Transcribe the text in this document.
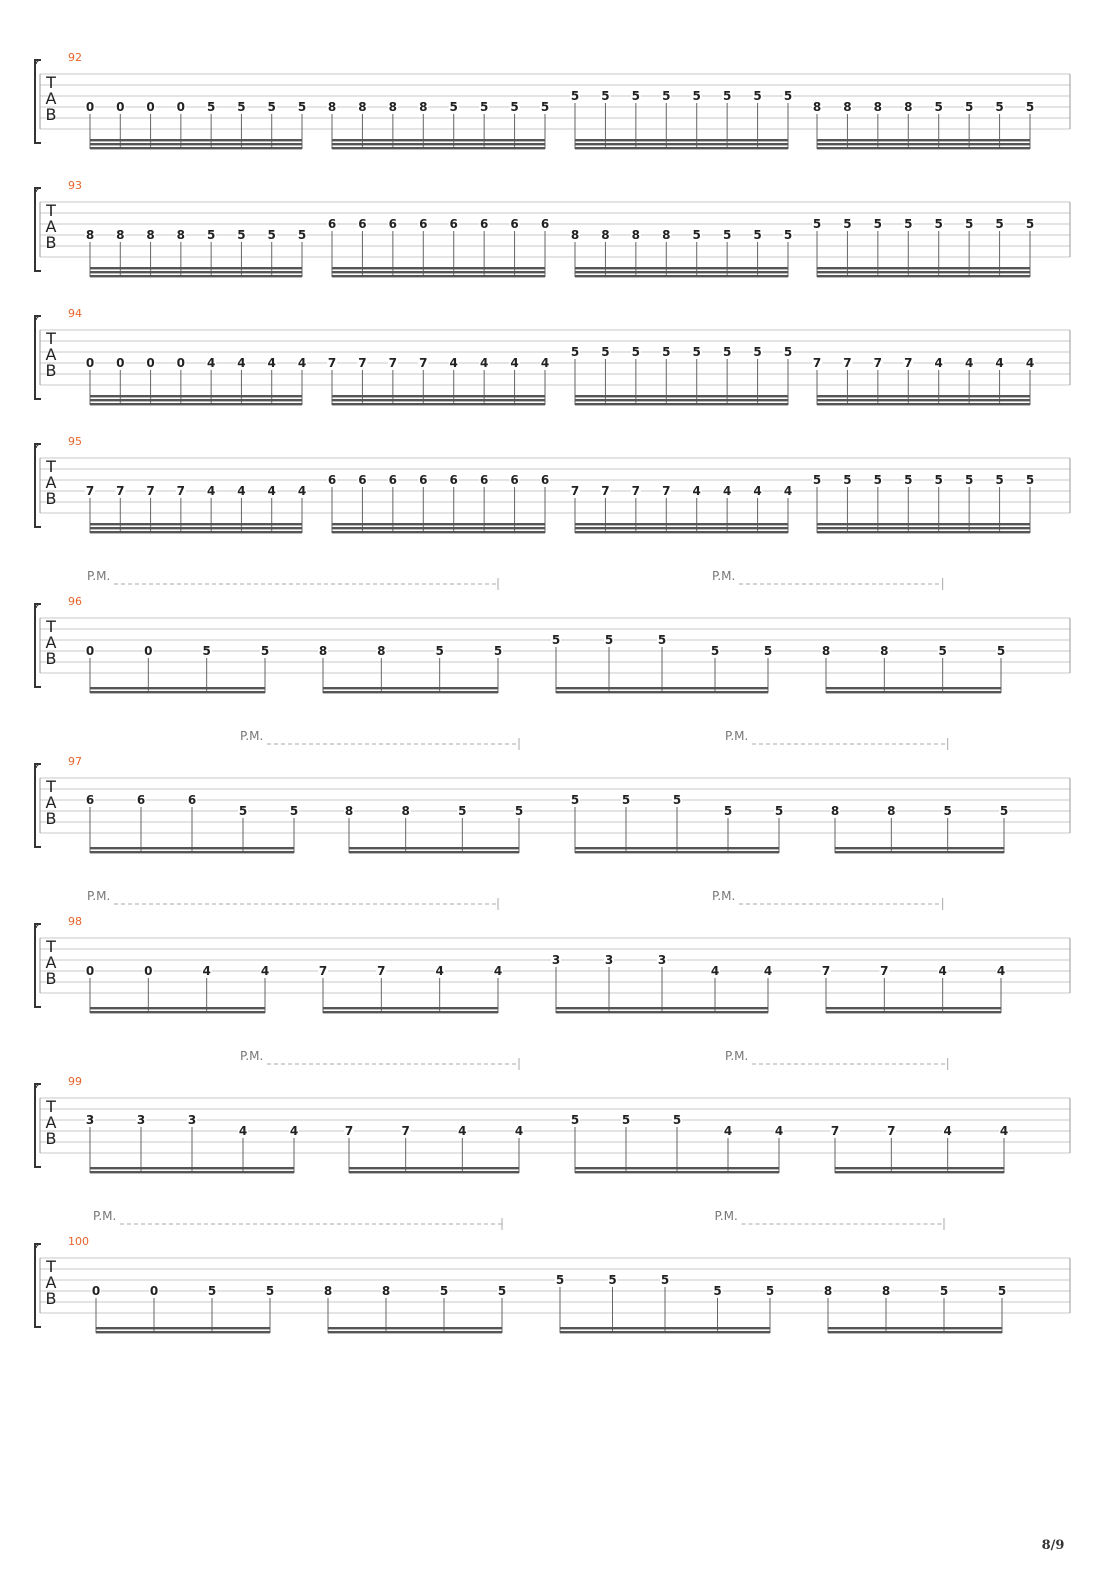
92
T
A
B 0 0 0 0 5 5 5 5 8 8 8 8 5 5 5 5
5 5 5 5 5 5 5 5
8 8 8 8 5 5 5 5
93
T
A
B 8 8 8 8 5 5 5 5
6 6 6 6 6 6 6 6
8 8 8 8 5 5 5 5
5 5 5 5 5 5 5 5
94
T
A
B 0 0 0 0 4 4 4 4 7 7 7 7 4 4 4 4
5 5 5 5 5 5 5 5
7 7 7 7 4 4 4 4
95
T
A
B 7 7 7 7 4 4 4 4
6 6 6 6 6 6 6 6
7 7 7 7 4 4 4 4
5 5 5 5 5 5 5 5
96
T
A
B 0	0	5	5	8	8	5	5
5	5	5
5	5	8	8	5	5
P.M.	P.M.
97
T
A
B
6	6	6
5	5	8	8	5	5
5	5	5
5	5	8	8	5	5
P.M.	P.M.
98
T
A
B 0	0	4	4	7	7	4	4
3	3	3
4	4	7	7	4	4
P.M.	P.M.
99
T
A
B
3	3	3
4	4	7	7	4	4
5	5	5
4	4	7	7	4	4
P.M.	P.M.
100
T
A
B	0	0	5	5	8	8	5	5
5	5	5
5	5	8	8	5	5
P.M.	P.M.
8/9
